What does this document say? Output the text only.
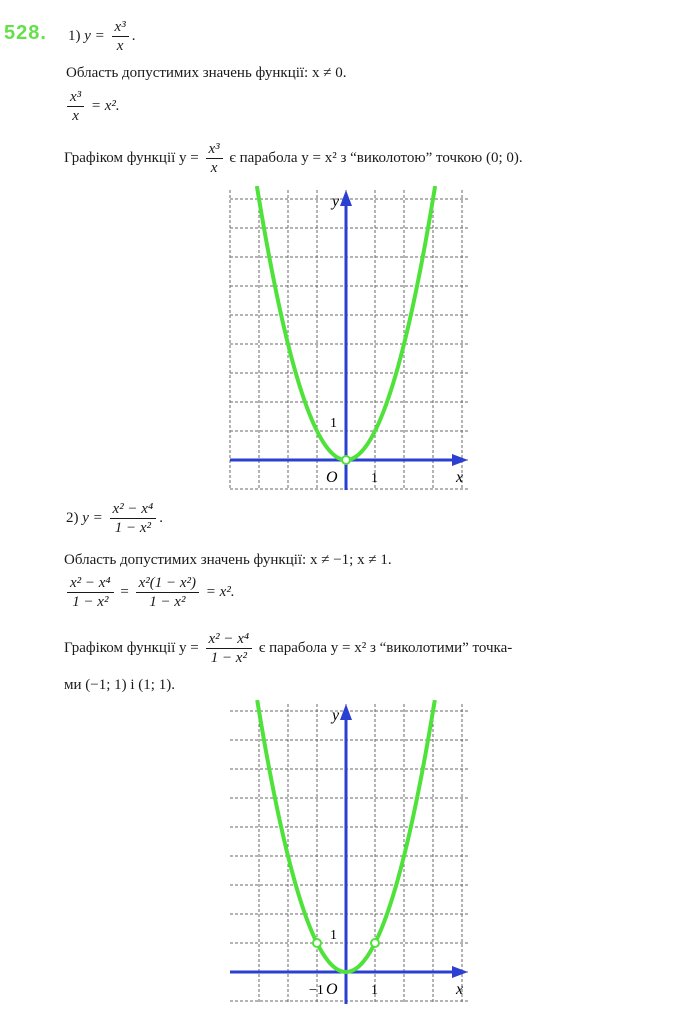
528. 1) $y = \frac{\text{x³}}{x}$ .
Область допустимих значень функції: x ≠ 0.
$\frac{\text{x³}}{x} = x^2$.
Графіком функції $y = \frac{\text{x³}}{x}$ є парабола y = x² з “виколотою” точкою (0; 0).
y
x
O 1
1
2) $y = \frac{\text{x² − x⁴}}{\text{1 − x²}}$ .
Область допустимих значень функції: x ≠ −1; x ≠ 1.
$\frac{\text{x² − x⁴}}{\text{1 − x²}} = \frac{\text{x²(1 − x²)}}{\text{1 − x²}} = x^2$.
Графіком функції $y = \frac{\text{x² − x⁴}}{\text{1 − x²}}$ є парабола y = x² з “виколотими” точка-
ми (−1; 1) і (1; 1).
y
x
O
−1	1
1
